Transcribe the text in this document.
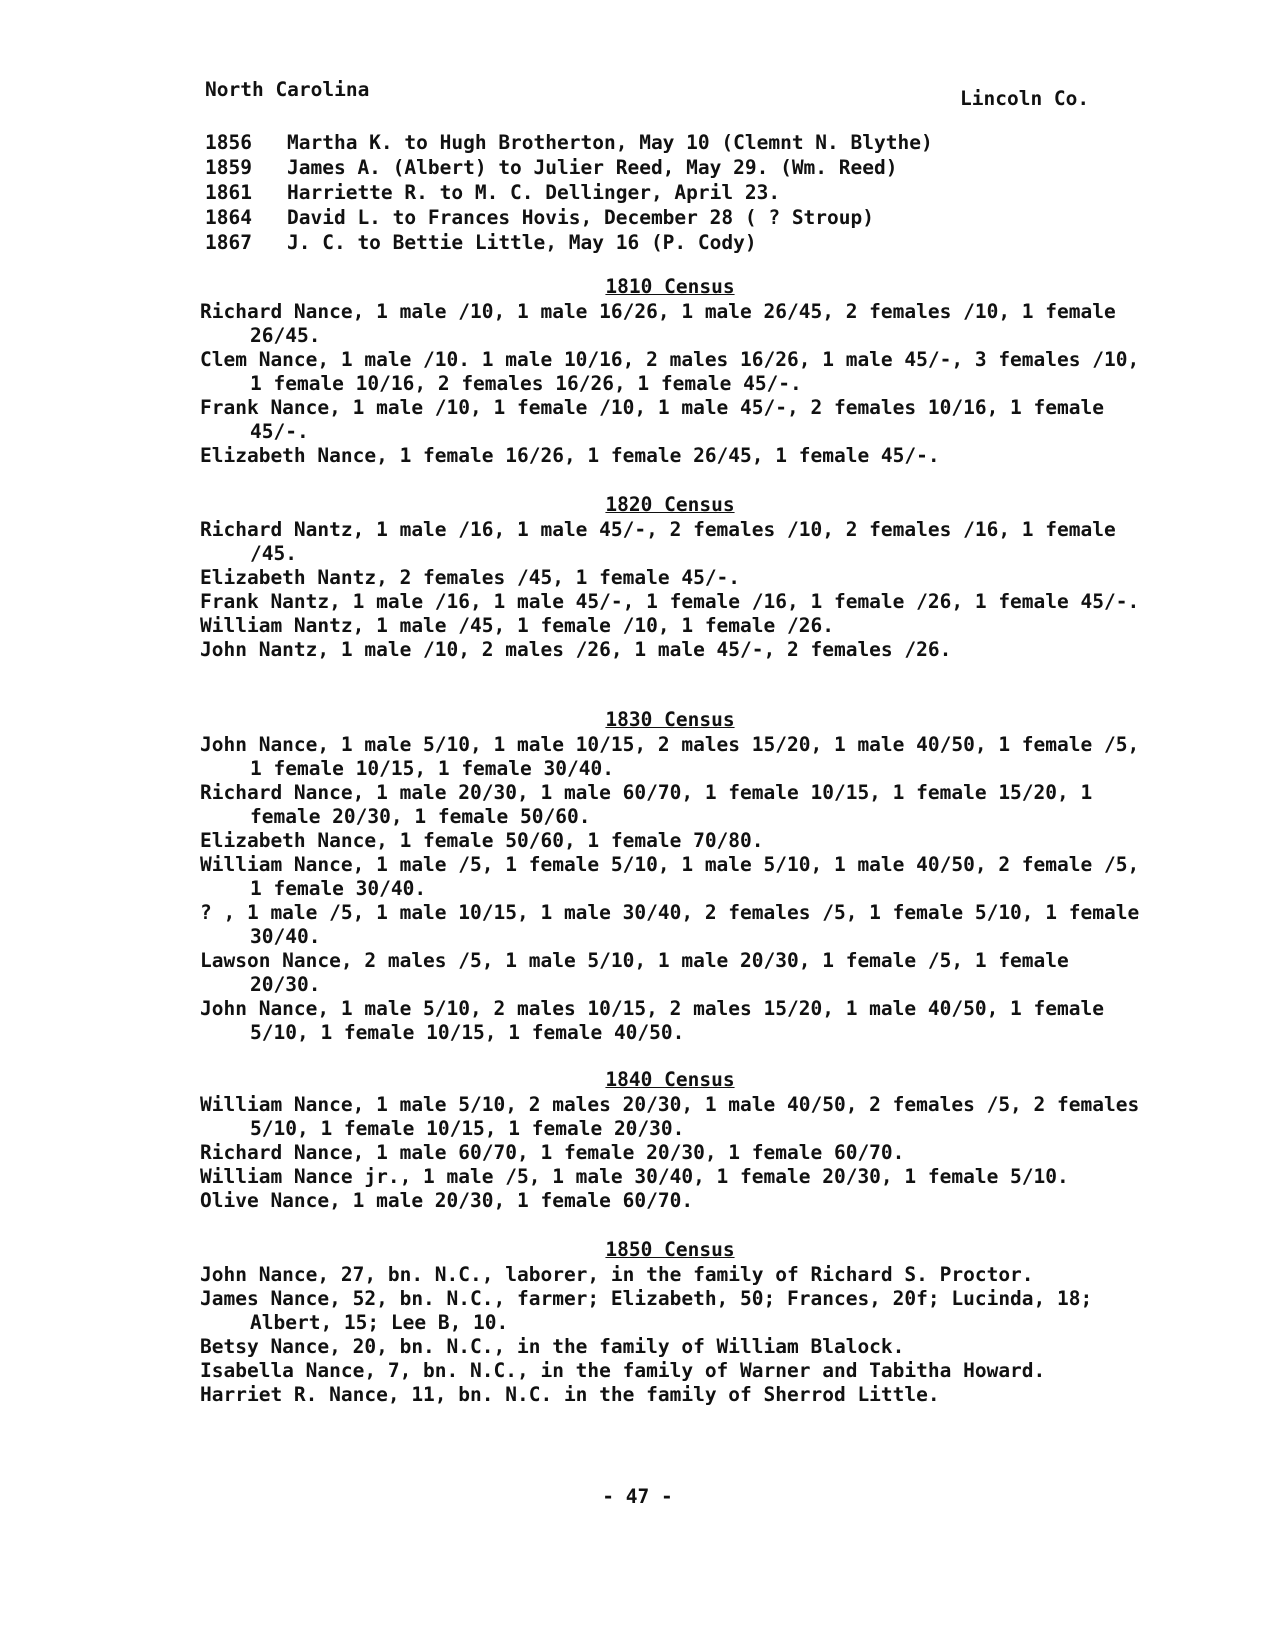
North Carolina	Lincoln Co.
1856	Martha K. to Hugh Brotherton, May 10 (Clemnt N. Blythe)
1859	James A. (Albert) to Julier Reed, May 29. (Wm. Reed)
1861	Harriette R. to M. C. Dellinger, April 23.
1864	David L. to Frances Hovis, December 28 ( ? Stroup)
1867	J. C. to Bettie Little, May 16 (P. Cody)
1810 Census
Richard Nance, 1 male /10, 1 male 16/26, 1 male 26/45, 2 females /10, 1 female 26/45.
Clem Nance, 1 male /10. 1 male 10/16, 2 males 16/26, 1 male 45/-, 3 females /10, 1 female 10/16, 2 females 16/26, 1 female 45/-.
Frank Nance, 1 male /10, 1 female /10, 1 male 45/-, 2 females 10/16, 1 female 45/-.
Elizabeth Nance, 1 female 16/26, 1 female 26/45, 1 female 45/-.
1820 Census
Richard Nantz, 1 male /16, 1 male 45/-, 2 females /10, 2 females /16, 1 female /45.
Elizabeth Nantz, 2 females /45, 1 female 45/-.
Frank Nantz, 1 male /16, 1 male 45/-, 1 female /16, 1 female /26, 1 female 45/-.
William Nantz, 1 male /45, 1 female /10, 1 female /26.
John Nantz, 1 male /10, 2 males /26, 1 male 45/-, 2 females /26.
1830 Census
John Nance, 1 male 5/10, 1 male 10/15, 2 males 15/20, 1 male 40/50, 1 female /5, 1 female 10/15, 1 female 30/40.
Richard Nance, 1 male 20/30, 1 male 60/70, 1 female 10/15, 1 female 15/20, 1 female 20/30, 1 female 50/60.
Elizabeth Nance, 1 female 50/60, 1 female 70/80.
William Nance, 1 male /5, 1 female 5/10, 1 male 5/10, 1 male 40/50, 2 female /5, 1 female 30/40.
? , 1 male /5, 1 male 10/15, 1 male 30/40, 2 females /5, 1 female 5/10, 1 female 30/40.
Lawson Nance, 2 males /5, 1 male 5/10, 1 male 20/30, 1 female /5, 1 female 20/30.
John Nance, 1 male 5/10, 2 males 10/15, 2 males 15/20, 1 male 40/50, 1 female 5/10, 1 female 10/15, 1 female 40/50.
1840 Census
William Nance, 1 male 5/10, 2 males 20/30, 1 male 40/50, 2 females /5, 2 females 5/10, 1 female 10/15, 1 female 20/30.
Richard Nance, 1 male 60/70, 1 female 20/30, 1 female 60/70.
William Nance jr., 1 male /5, 1 male 30/40, 1 female 20/30, 1 female 5/10.
Olive Nance, 1 male 20/30, 1 female 60/70.
1850 Census
John Nance, 27, bn. N.C., laborer, in the family of Richard S. Proctor.
James Nance, 52, bn. N.C., farmer; Elizabeth, 50; Frances, 20f; Lucinda, 18; Albert, 15; Lee B, 10.
Betsy Nance, 20, bn. N.C., in the family of William Blalock.
Isabella Nance, 7, bn. N.C., in the family of Warner and Tabitha Howard.
Harriet R. Nance, 11, bn. N.C. in the family of Sherrod Little.
- 47 -
